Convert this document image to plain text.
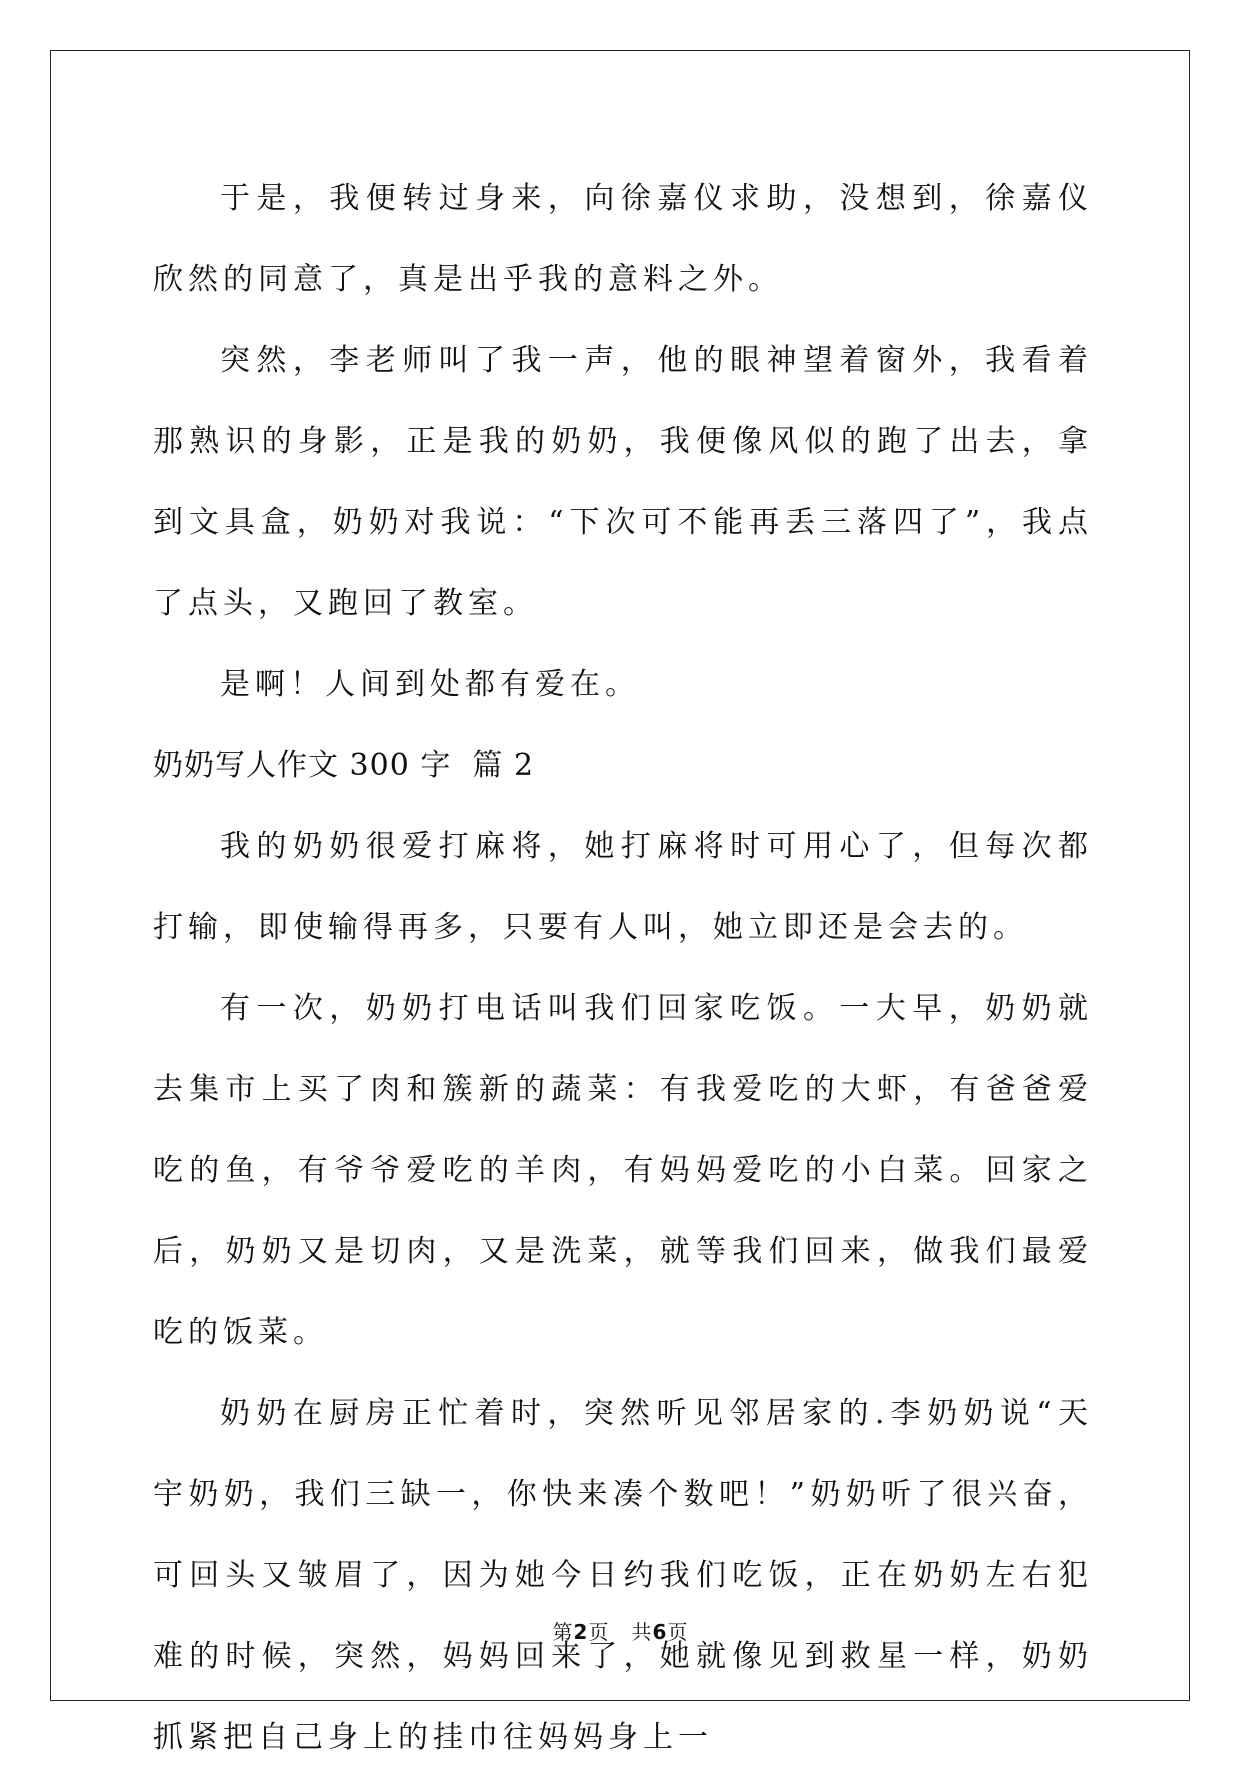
于是，我便转过身来，向徐嘉仪求助，没想到，徐嘉仪欣然的同意了，真是出乎我的意料之外。

突然，李老师叫了我一声，他的眼神望着窗外，我看着那熟识的身影，正是我的奶奶，我便像风似的跑了出去，拿到文具盒，奶奶对我说：“下次可不能再丢三落四了”，我点了点头，又跑回了教室。

是啊！人间到处都有爱在。

奶奶写人作文 300 字  篇 2

我的奶奶很爱打麻将，她打麻将时可用心了，但每次都打输，即使输得再多，只要有人叫，她立即还是会去的。

有一次，奶奶打电话叫我们回家吃饭。一大早，奶奶就去集市上买了肉和簇新的蔬菜：有我爱吃的大虾，有爸爸爱吃的鱼，有爷爷爱吃的羊肉，有妈妈爱吃的小白菜。回家之后，奶奶又是切肉，又是洗菜，就等我们回来，做我们最爱吃的饭菜。

奶奶在厨房正忙着时，突然听见邻居家的.李奶奶说“天宇奶奶，我们三缺一，你快来凑个数吧！”奶奶听了很兴奋，可回头又皱眉了，因为她今日约我们吃饭，正在奶奶左右犯难的时候，突然，妈妈回来了，她就像见到救星一样，奶奶抓紧把自己身上的挂巾往妈妈身上一

第2页 共6页
